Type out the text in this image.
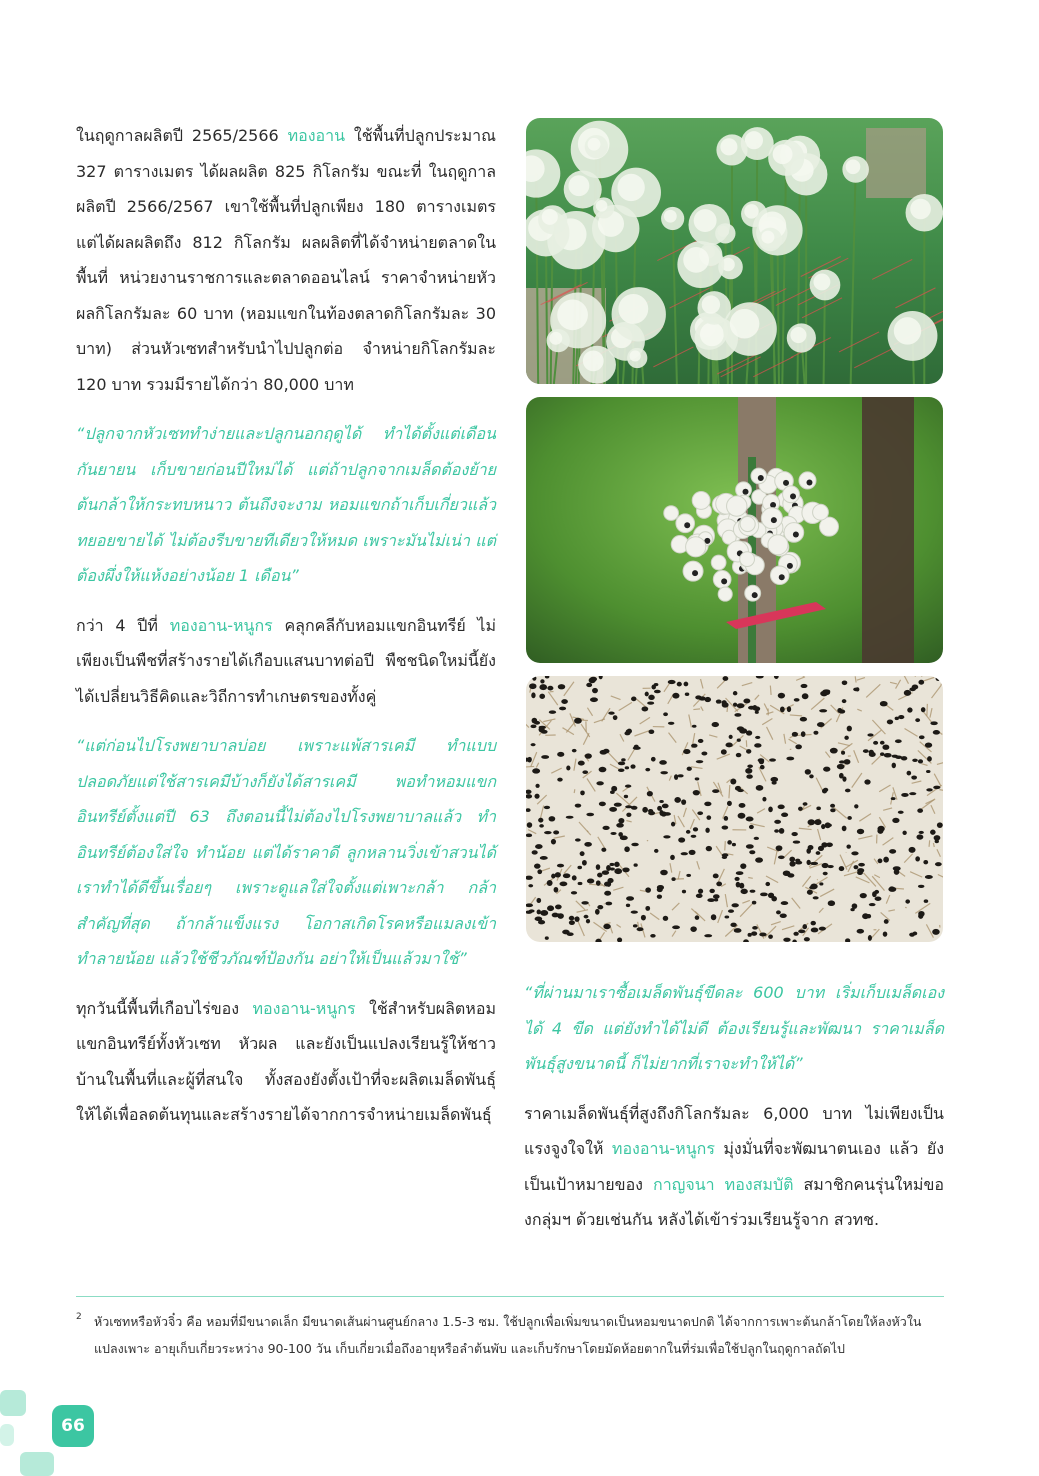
ในฤดูกาลผลิตปี 2565/2566 ทองอาน ใช้พื้นที่ปลูกประมาณ 327 ตารางเมตร ได้ผลผลิต 825 กิโลกรัม ขณะที่ ในฤดูกาลผลิตปี 2566/2567 เขาใช้พื้นที่ปลูกเพียง 180 ตารางเมตร แต่ได้ผลผลิตถึง 812 กิโลกรัม ผลผลิตที่ได้จำหน่ายตลาดในพื้นที่ หน่วยงานราชการและตลาดออนไลน์ ราคาจำหน่ายหัวผลกิโลกรัมละ 60 บาท (หอมแขกในท้องตลาดกิโลกรัมละ 30 บาท) ส่วนหัวเซทสำหรับนำไปปลูกต่อ จำหน่ายกิโลกรัมละ 120 บาท รวมมีรายได้กว่า 80,000 บาท

“ปลูกจากหัวเซททำง่ายและปลูกนอกฤดูได้ ทำได้ตั้งแต่เดือนกันยายน เก็บขายก่อนปีใหม่ได้ แต่ถ้าปลูกจากเมล็ดต้องย้ายต้นกล้าให้กระทบหนาว ต้นถึงจะงาม หอมแขกถ้าเก็บเกี่ยวแล้วทยอยขายได้ ไม่ต้องรีบขายทีเดียวให้หมด เพราะมันไม่เน่า แต่ต้องผึ่งให้แห้งอย่างน้อย 1 เดือน”

กว่า 4 ปีที่ ทองอาน-หนูกร คลุกคลีกับหอมแขกอินทรีย์ ไม่เพียงเป็นพืชที่สร้างรายได้เกือบแสนบาทต่อปี พืชชนิดใหม่นี้ยังได้เปลี่ยนวิธีคิดและวิถีการทำเกษตรของทั้งคู่

“แต่ก่อนไปโรงพยาบาลบ่อย เพราะแพ้สารเคมี ทำแบบปลอดภัยแต่ใช้สารเคมีบ้างก็ยังได้สารเคมี พอทำหอมแขกอินทรีย์ตั้งแต่ปี 63 ถึงตอนนี้ไม่ต้องไปโรงพยาบาลแล้ว ทำอินทรีย์ต้องใส่ใจ ทำน้อย แต่ได้ราคาดี ลูกหลานวิ่งเข้าสวนได้ เราทำได้ดีขึ้นเรื่อยๆ เพราะดูแลใส่ใจตั้งแต่เพาะกล้า กล้าสำคัญที่สุด ถ้ากล้าแข็งแรง โอกาสเกิดโรคหรือแมลงเข้าทำลายน้อย แล้วใช้ชีวภัณฑ์ป้องกัน อย่าให้เป็นแล้วมาใช้”

ทุกวันนี้พื้นที่เกือบไร่ของ ทองอาน-หนูกร ใช้สำหรับผลิตหอมแขกอินทรีย์ทั้งหัวเซท หัวผล และยังเป็นแปลงเรียนรู้ให้ชาวบ้านในพื้นที่และผู้ที่สนใจ ทั้งสองยังตั้งเป้าที่จะผลิตเมล็ดพันธุ์ให้ได้เพื่อลดต้นทุนและสร้างรายได้จากการจำหน่ายเมล็ดพันธุ์

“ที่ผ่านมาเราซื้อเมล็ดพันธุ์ขีดละ 600 บาท เริ่มเก็บเมล็ดเองได้ 4 ขีด แต่ยังทำได้ไม่ดี ต้องเรียนรู้และพัฒนา ราคาเมล็ดพันธุ์สูงขนาดนี้ ก็ไม่ยากที่เราจะทำให้ได้”

ราคาเมล็ดพันธุ์ที่สูงถึงกิโลกรัมละ 6,000 บาท ไม่เพียงเป็นแรงจูงใจให้ ทองอาน-หนูกร มุ่งมั่นที่จะพัฒนาตนเอง แล้ว ยังเป็นเป้าหมายของ กาญจนา ทองสมบัติ สมาชิกคนรุ่นใหม่ของกลุ่มฯ ด้วยเช่นกัน หลังได้เข้าร่วมเรียนรู้จาก สวทช.

2 หัวเซทหรือหัวจิ๋ว คือ หอมที่มีขนาดเล็ก มีขนาดเส้นผ่านศูนย์กลาง 1.5-3 ซม. ใช้ปลูกเพื่อเพิ่มขนาดเป็นหอมขนาดปกติ ได้จากการเพาะต้นกล้าโดยให้ลงหัวในแปลงเพาะ อายุเก็บเกี่ยวระหว่าง 90-100 วัน เก็บเกี่ยวเมื่อถึงอายุหรือลำต้นพับ และเก็บรักษาโดยมัดห้อยตากในที่ร่มเพื่อใช้ปลูกในฤดูกาลถัดไป
66
